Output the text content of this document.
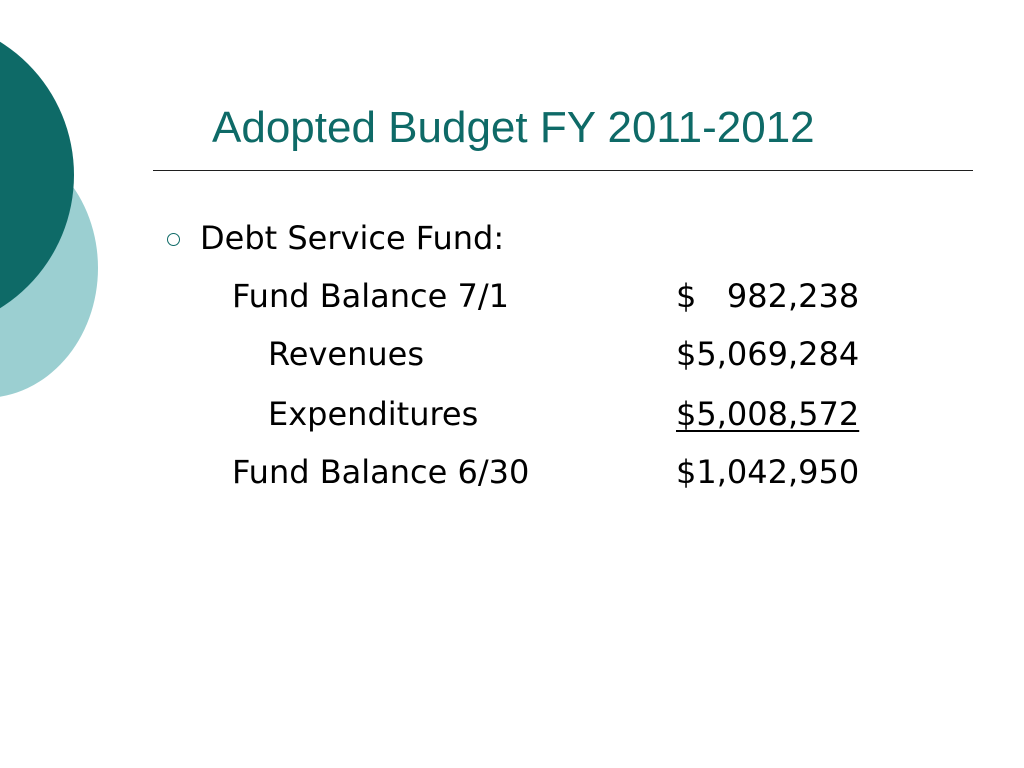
Adopted Budget FY 2011-2012
Debt Service Fund:
Fund Balance 7/1	$   982,238
Revenues	$5,069,284
Expenditures	$5,008,572
Fund Balance 6/30	$1,042,950
